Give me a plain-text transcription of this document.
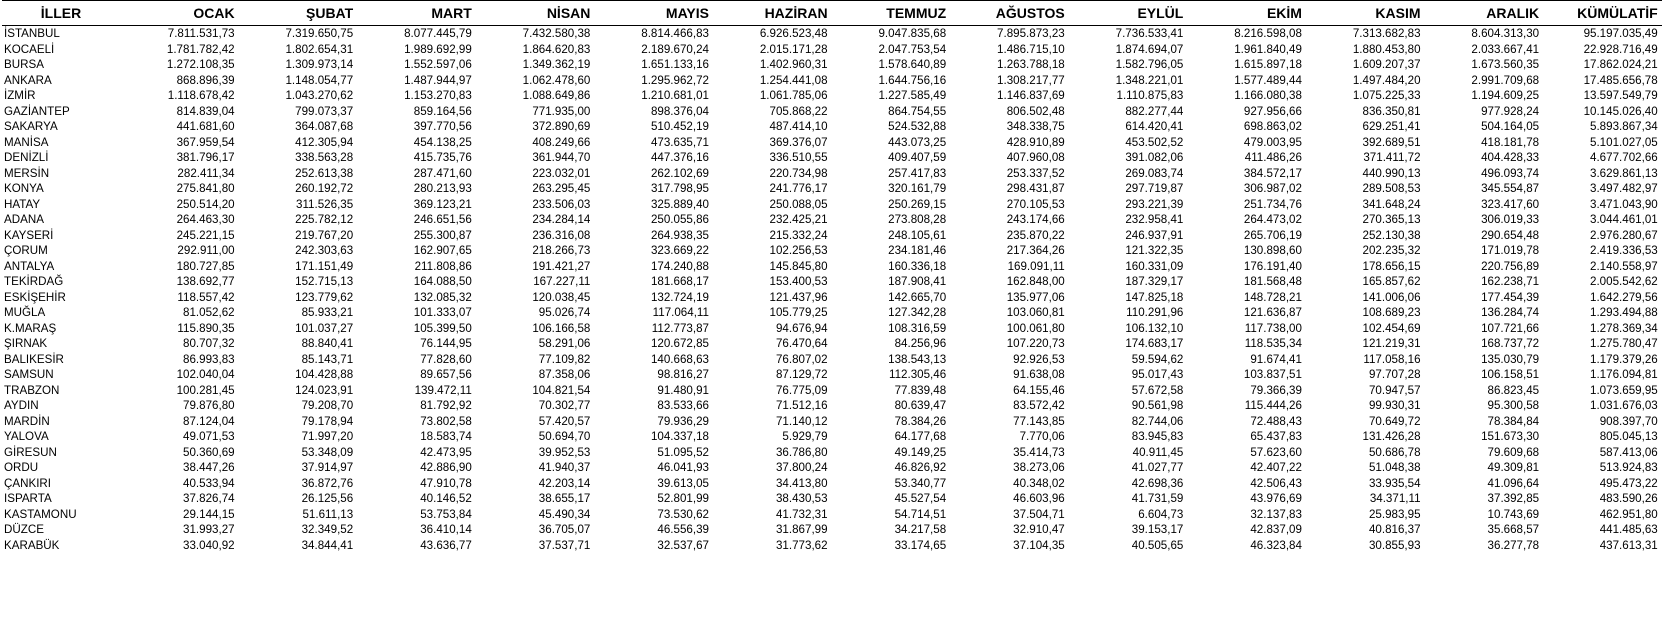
İLLER	OCAK	ŞUBAT	MART	NİSAN	MAYIS	HAZİRAN	TEMMUZ	AĞUSTOS	EYLÜL	EKİM	KASIM	ARALIK	KÜMÜLATİF
İSTANBUL	7.811.531,73	7.319.650,75	8.077.445,79	7.432.580,38	8.814.466,83	6.926.523,48	9.047.835,68	7.895.873,23	7.736.533,41	8.216.598,08	7.313.682,83	8.604.313,30	95.197.035,49
KOCAELİ	1.781.782,42	1.802.654,31	1.989.692,99	1.864.620,83	2.189.670,24	2.015.171,28	2.047.753,54	1.486.715,10	1.874.694,07	1.961.840,49	1.880.453,80	2.033.667,41	22.928.716,49
BURSA	1.272.108,35	1.309.973,14	1.552.597,06	1.349.362,19	1.651.133,16	1.402.960,31	1.578.640,89	1.263.788,18	1.582.796,05	1.615.897,18	1.609.207,37	1.673.560,35	17.862.024,21
ANKARA	868.896,39	1.148.054,77	1.487.944,97	1.062.478,60	1.295.962,72	1.254.441,08	1.644.756,16	1.308.217,77	1.348.221,01	1.577.489,44	1.497.484,20	2.991.709,68	17.485.656,78
İZMİR	1.118.678,42	1.043.270,62	1.153.270,83	1.088.649,86	1.210.681,01	1.061.785,06	1.227.585,49	1.146.837,69	1.110.875,83	1.166.080,38	1.075.225,33	1.194.609,25	13.597.549,79
GAZİANTEP	814.839,04	799.073,37	859.164,56	771.935,00	898.376,04	705.868,22	864.754,55	806.502,48	882.277,44	927.956,66	836.350,81	977.928,24	10.145.026,40
SAKARYA	441.681,60	364.087,68	397.770,56	372.890,69	510.452,19	487.414,10	524.532,88	348.338,75	614.420,41	698.863,02	629.251,41	504.164,05	5.893.867,34
MANİSA	367.959,54	412.305,94	454.138,25	408.249,66	473.635,71	369.376,07	443.073,25	428.910,89	453.502,52	479.003,95	392.689,51	418.181,78	5.101.027,05
DENİZLİ	381.796,17	338.563,28	415.735,76	361.944,70	447.376,16	336.510,55	409.407,59	407.960,08	391.082,06	411.486,26	371.411,72	404.428,33	4.677.702,66
MERSİN	282.411,34	252.613,38	287.471,60	223.032,01	262.102,69	220.734,98	257.417,83	253.337,52	269.083,74	384.572,17	440.990,13	496.093,74	3.629.861,13
KONYA	275.841,80	260.192,72	280.213,93	263.295,45	317.798,95	241.776,17	320.161,79	298.431,87	297.719,87	306.987,02	289.508,53	345.554,87	3.497.482,97
HATAY	250.514,20	311.526,35	369.123,21	233.506,03	325.889,40	250.088,05	250.269,15	270.105,53	293.221,39	251.734,76	341.648,24	323.417,60	3.471.043,90
ADANA	264.463,30	225.782,12	246.651,56	234.284,14	250.055,86	232.425,21	273.808,28	243.174,66	232.958,41	264.473,02	270.365,13	306.019,33	3.044.461,01
KAYSERİ	245.221,15	219.767,20	255.300,87	236.316,08	264.938,35	215.332,24	248.105,61	235.870,22	246.937,91	265.706,19	252.130,38	290.654,48	2.976.280,67
ÇORUM	292.911,00	242.303,63	162.907,65	218.266,73	323.669,22	102.256,53	234.181,46	217.364,26	121.322,35	130.898,60	202.235,32	171.019,78	2.419.336,53
ANTALYA	180.727,85	171.151,49	211.808,86	191.421,27	174.240,88	145.845,80	160.336,18	169.091,11	160.331,09	176.191,40	178.656,15	220.756,89	2.140.558,97
TEKİRDAĞ	138.692,77	152.715,13	164.088,50	167.227,11	181.668,17	153.400,53	187.908,41	162.848,00	187.329,17	181.568,48	165.857,62	162.238,71	2.005.542,62
ESKİŞEHİR	118.557,42	123.779,62	132.085,32	120.038,45	132.724,19	121.437,96	142.665,70	135.977,06	147.825,18	148.728,21	141.006,06	177.454,39	1.642.279,56
MUĞLA	81.052,62	85.933,21	101.333,07	95.026,74	117.064,11	105.779,25	127.342,28	103.060,81	110.291,96	121.636,87	108.689,23	136.284,74	1.293.494,88
K.MARAŞ	115.890,35	101.037,27	105.399,50	106.166,58	112.773,87	94.676,94	108.316,59	100.061,80	106.132,10	117.738,00	102.454,69	107.721,66	1.278.369,34
ŞIRNAK	80.707,32	88.840,41	76.144,95	58.291,06	120.672,85	76.470,64	84.256,96	107.220,73	174.683,17	118.535,34	121.219,31	168.737,72	1.275.780,47
BALIKESİR	86.993,83	85.143,71	77.828,60	77.109,82	140.668,63	76.807,02	138.543,13	92.926,53	59.594,62	91.674,41	117.058,16	135.030,79	1.179.379,26
SAMSUN	102.040,04	104.428,88	89.657,56	87.358,06	98.816,27	87.129,72	112.305,46	91.638,08	95.017,43	103.837,51	97.707,28	106.158,51	1.176.094,81
TRABZON	100.281,45	124.023,91	139.472,11	104.821,54	91.480,91	76.775,09	77.839,48	64.155,46	57.672,58	79.366,39	70.947,57	86.823,45	1.073.659,95
AYDIN	79.876,80	79.208,70	81.792,92	70.302,77	83.533,66	71.512,16	80.639,47	83.572,42	90.561,98	115.444,26	99.930,31	95.300,58	1.031.676,03
MARDİN	87.124,04	79.178,94	73.802,58	57.420,57	79.936,29	71.140,12	78.384,26	77.143,85	82.744,06	72.488,43	70.649,72	78.384,84	908.397,70
YALOVA	49.071,53	71.997,20	18.583,74	50.694,70	104.337,18	5.929,79	64.177,68	7.770,06	83.945,83	65.437,83	131.426,28	151.673,30	805.045,13
GİRESUN	50.360,69	53.348,09	42.473,95	39.952,53	51.095,52	36.786,80	49.149,25	35.414,73	40.911,45	57.623,60	50.686,78	79.609,68	587.413,06
ORDU	38.447,26	37.914,97	42.886,90	41.940,37	46.041,93	37.800,24	46.826,92	38.273,06	41.027,77	42.407,22	51.048,38	49.309,81	513.924,83
ÇANKIRI	40.533,94	36.872,76	47.910,78	42.203,14	39.613,05	34.413,80	53.340,77	40.348,02	42.698,36	42.506,43	33.935,54	41.096,64	495.473,22
ISPARTA	37.826,74	26.125,56	40.146,52	38.655,17	52.801,99	38.430,53	45.527,54	46.603,96	41.731,59	43.976,69	34.371,11	37.392,85	483.590,26
KASTAMONU	29.144,15	51.611,13	53.753,84	45.490,34	73.530,62	41.732,31	54.714,51	37.504,71	6.604,73	32.137,83	25.983,95	10.743,69	462.951,80
DÜZCE	31.993,27	32.349,52	36.410,14	36.705,07	46.556,39	31.867,99	34.217,58	32.910,47	39.153,17	42.837,09	40.816,37	35.668,57	441.485,63
KARABÜK	33.040,92	34.844,41	43.636,77	37.537,71	32.537,67	31.773,62	33.174,65	37.104,35	40.505,65	46.323,84	30.855,93	36.277,78	437.613,31
